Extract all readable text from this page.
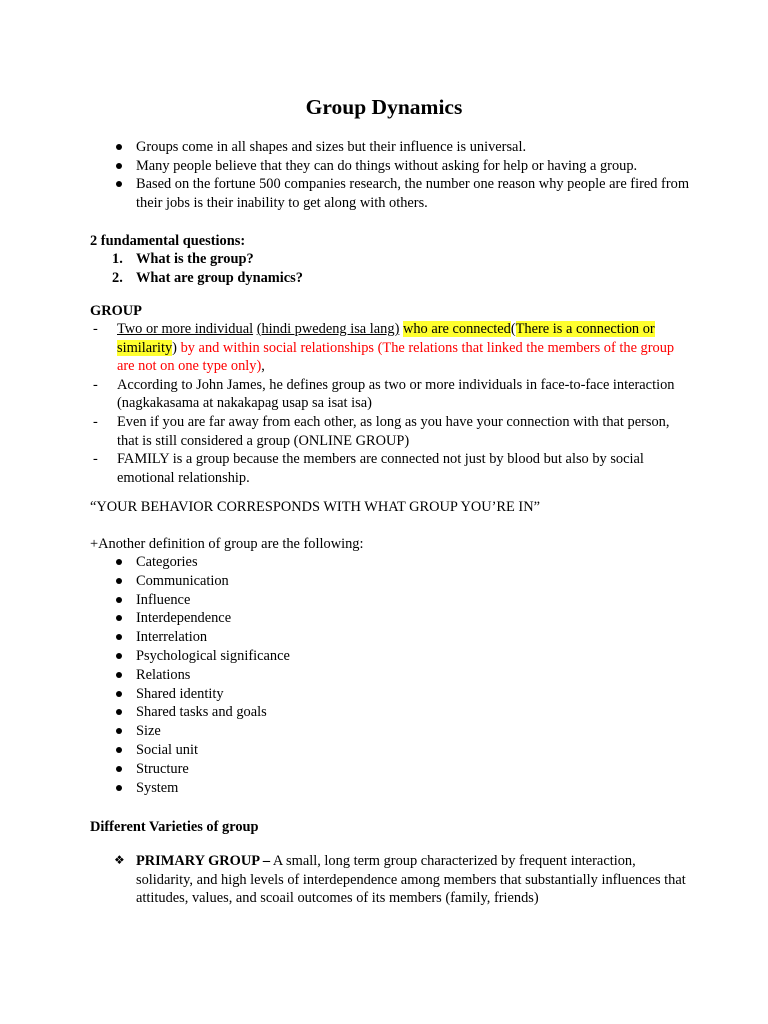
Group Dynamics
Groups come in all shapes and sizes but their influence is universal.
Many people believe that they can do things without asking for help or having a group.
Based on the fortune 500 companies research, the number one reason why people are fired from their jobs is their inability to get along with others.
2 fundamental questions:
1. What is the group?
2. What are group dynamics?
GROUP
- Two or more individual (hindi pwedeng isa lang) who are connected(There is a connection or similarity) by and within social relationships (The relations that linked the members of the group are not on one type only),
- According to John James, he defines group as two or more individuals in face-to-face interaction (nagkakasama at nakakapag usap sa isat isa)
- Even if you are far away from each other, as long as you have your connection with that person, that is still considered a group (ONLINE GROUP)
- FAMILY is a group because the members are connected not just by blood but also by social emotional relationship.
“YOUR BEHAVIOR CORRESPONDS WITH WHAT GROUP YOU’RE IN”
+Another definition of group are the following:
Categories
Communication
Influence
Interdependence
Interrelation
Psychological significance
Relations
Shared identity
Shared tasks and goals
Size
Social unit
Structure
System
Different Varieties of group
❖ PRIMARY GROUP – A small, long term group characterized by frequent interaction, solidarity, and high levels of interdependence among members that substantially influences that attitudes, values, and scoail outcomes of its members (family, friends)
